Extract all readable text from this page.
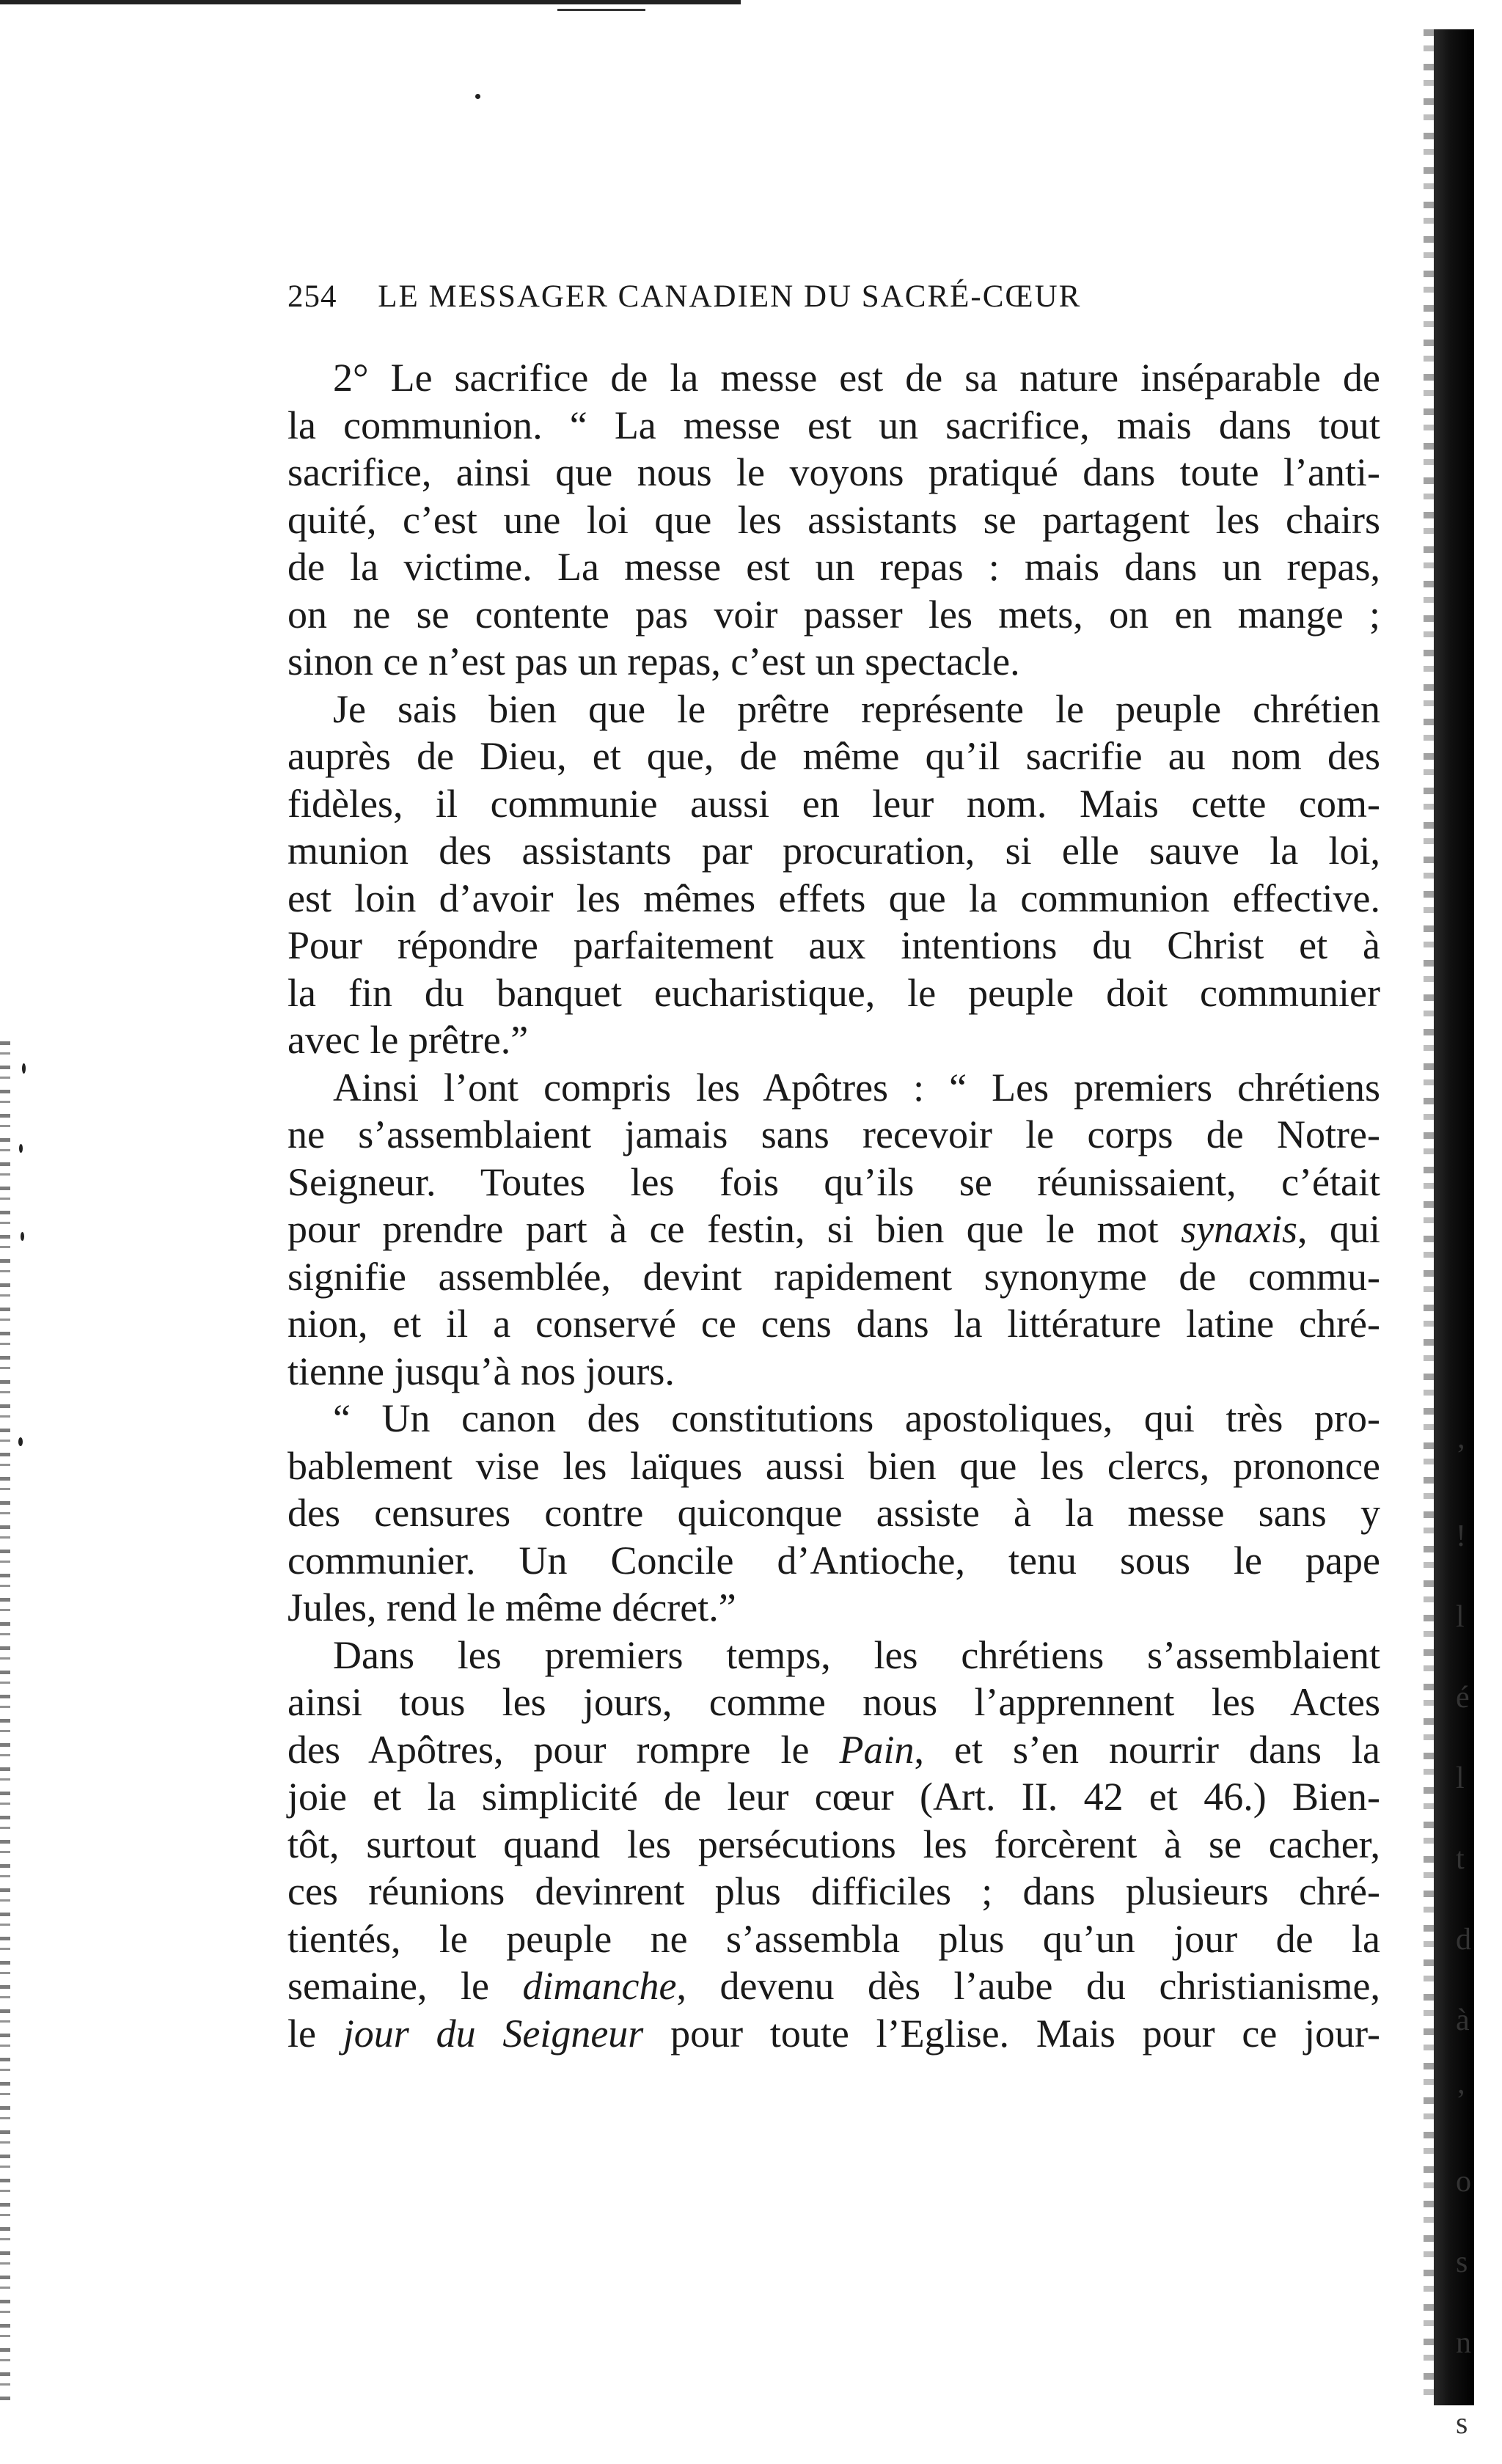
’
!
l
é
l
t
d
à
’
o
s
n
s
254 LE MESSAGER CANADIEN DU SACRÉ-CŒUR
2° Le sacrifice de la messe est de sa nature inséparable de
la communion. “ La messe est un sacrifice, mais dans tout
sacrifice, ainsi que nous le voyons pratiqué dans toute l’anti-
quité, c’est une loi que les assistants se partagent les chairs
de la victime. La messe est un repas : mais dans un repas,
on ne se contente pas voir passer les mets, on en mange ;
sinon ce n’est pas un repas, c’est un spectacle.
Je sais bien que le prêtre représente le peuple chrétien
auprès de Dieu, et que, de même qu’il sacrifie au nom des
fidèles, il communie aussi en leur nom. Mais cette com-
munion des assistants par procuration, si elle sauve la loi,
est loin d’avoir les mêmes effets que la communion effective.
Pour répondre parfaitement aux intentions du Christ et à
la fin du banquet eucharistique, le peuple doit communier
avec le prêtre.”
Ainsi l’ont compris les Apôtres : “ Les premiers chrétiens
ne s’assemblaient jamais sans recevoir le corps de Notre-
Seigneur. Toutes les fois qu’ils se réunissaient, c’était
pour prendre part à ce festin, si bien que le mot synaxis, qui
signifie assemblée, devint rapidement synonyme de commu-
nion, et il a conservé ce cens dans la littérature latine chré-
tienne jusqu’à nos jours.
“ Un canon des constitutions apostoliques, qui très pro-
bablement vise les laïques aussi bien que les clercs, prononce
des censures contre quiconque assiste à la messe sans y
communier. Un Concile d’Antioche, tenu sous le pape
Jules, rend le même décret.”
Dans les premiers temps, les chrétiens s’assemblaient
ainsi tous les jours, comme nous l’apprennent les Actes
des Apôtres, pour rompre le Pain, et s’en nourrir dans la
joie et la simplicité de leur cœur (Art. II. 42 et 46.) Bien-
tôt, surtout quand les persécutions les forcèrent à se cacher,
ces réunions devinrent plus difficiles ; dans plusieurs chré-
tientés, le peuple ne s’assembla plus qu’un jour de la
semaine, le dimanche, devenu dès l’aube du christianisme,
le jour du Seigneur pour toute l’Eglise. Mais pour ce jour-
